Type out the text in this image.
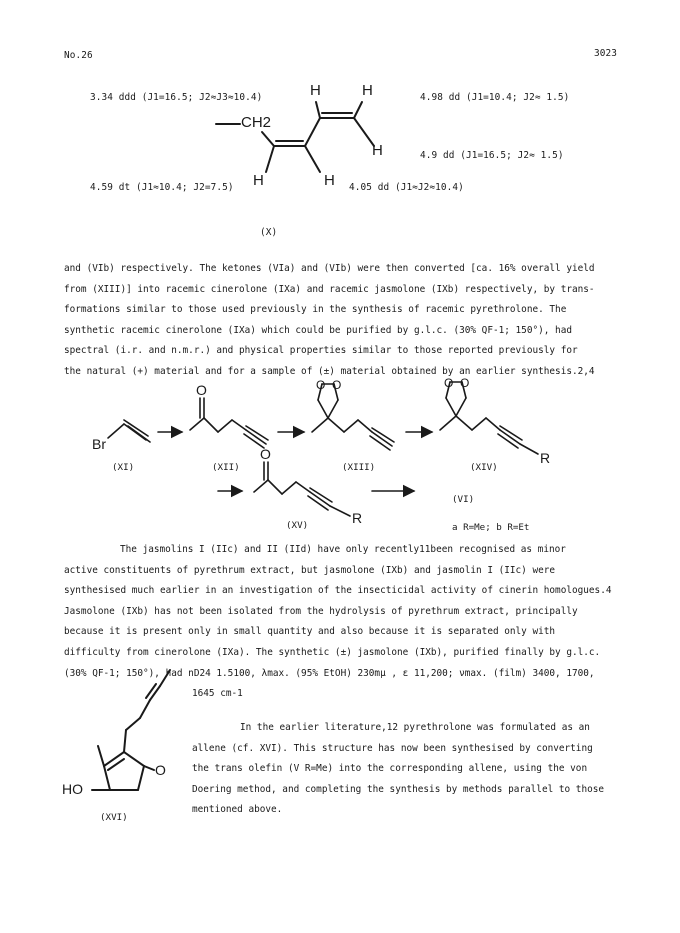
No.26	3023
H	H
H
H	H
CH2
3.34 ddd (J1=16.5; J2≈J3≈10.4)	4.98 dd (J1=10.4; J2≈ 1.5)
4.9 dd (J1=16.5; J2≈ 1.5)
4.59 dt (J1≈10.4; J2=7.5)	4.05 dd (J1≈J2≈10.4)
(X)
and (VIb) respectively. The ketones (VIa) and (VIb) were then converted [ca. 16% overall yield
from (XIII)] into racemic cinerolone (IXa) and racemic jasmolone (IXb) respectively, by trans-
formations similar to those used previously in the synthesis of racemic pyrethrolone. The
synthetic racemic cinerolone (IXa) which could be purified by g.l.c. (30% QF-1; 150°), had
spectral (i.r. and n.m.r.) and physical properties similar to those reported previously for
the natural (+) material and for a sample of (±) material obtained by an earlier synthesis.2,4
Br
O	O O	O O
R
O
R
(XI)	(XII)	(XIII)	(XIV)
(XV)
(VI)
a R=Me; b R=Et
The jasmolins I (IIc) and II (IId) have only recently11been recognised as minor
active constituents of pyrethrum extract, but jasmolone (IXb) and jasmolin I (IIc) were
synthesised much earlier in an investigation of the insecticidal activity of cinerin homologues.4
Jasmolone (IXb) has not been isolated from the hydrolysis of pyrethrum extract, principally
because it is present only in small quantity and also because it is separated only with
difficulty from cinerolone (IXa). The synthetic (±) jasmolone (IXb), purified finally by g.l.c.
(30% QF-1; 150°), had nD24 1.5100, λmax. (95% EtOH) 230mμ , ε 11,200; νmax. (film) 3400, 1700,
1645 cm-1
HO
O
(XVI)
In the earlier literature,12 pyrethrolone was formulated as an
allene (cf. XVI). This structure has now been synthesised by converting
the trans olefin (V R=Me) into the corresponding allene, using the von
Doering method, and completing the synthesis by methods parallel to those
mentioned above.
